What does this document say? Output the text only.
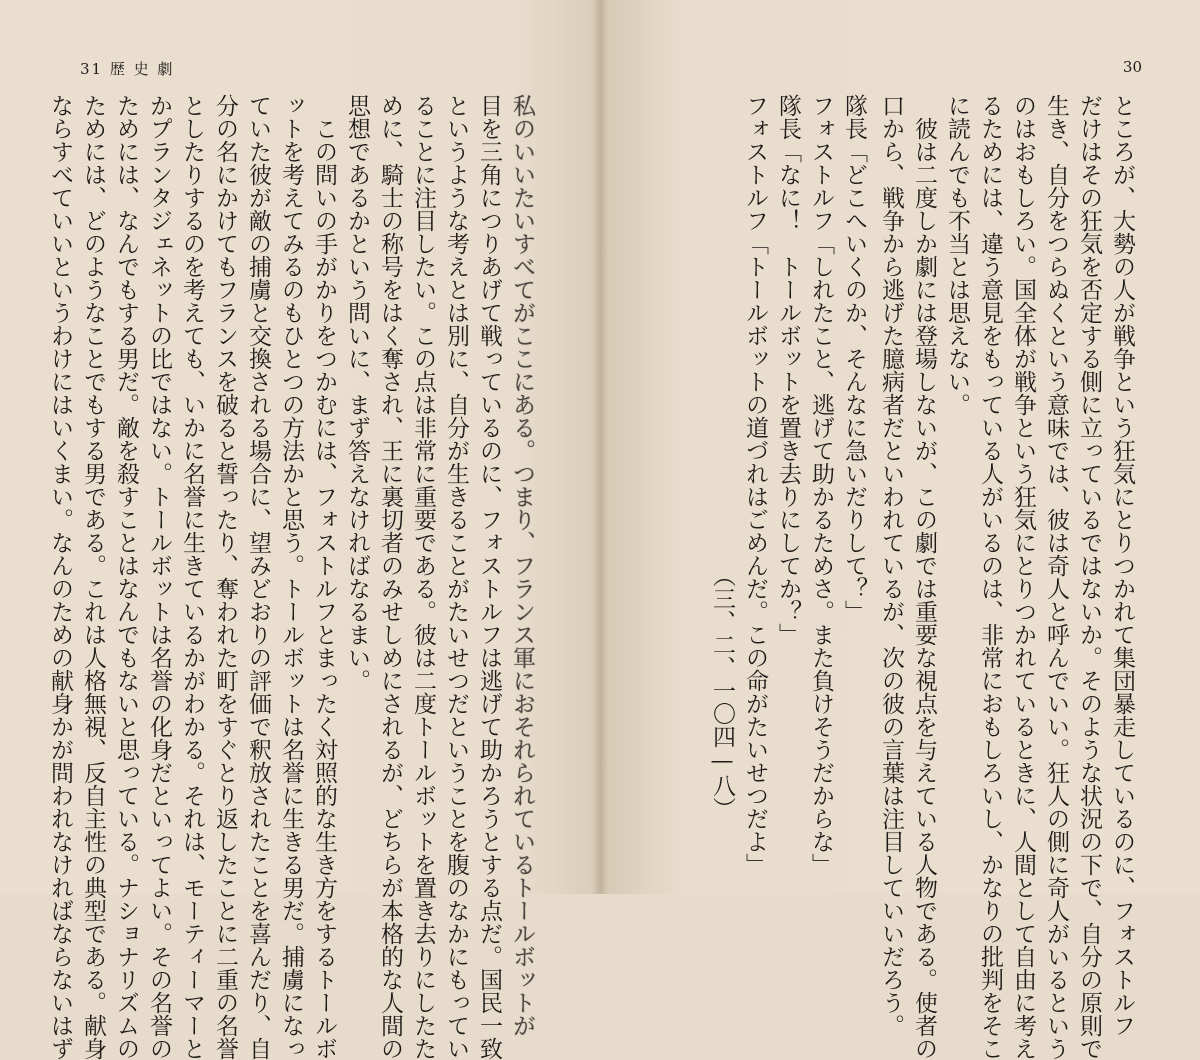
31 歴 史 劇
私のいいたいすべてがここにある。つまり、フランス軍におそれられているトールボットが
目を三角につりあげて戦っているのに、フォストルフは逃げて助かろうとする点だ。国民一致
というような考えとは別に、自分が生きることがたいせつだということを腹のなかにもってい
ることに注目したい。この点は非常に重要である。彼は二度トールボットを置き去りにしたた
めに、騎士の称号をはく奪され、王に裏切者のみせしめにされるが、どちらが本格的な人間の
思想であるかという問いに、まず答えなければなるまい。
　この問いの手がかりをつかむには、フォストルフとまったく対照的な生き方をするトールボ
ットを考えてみるのもひとつの方法かと思う。トールボットは名誉に生きる男だ。捕虜になっ
ていた彼が敵の捕虜と交換される場合に、望みどおりの評価で釈放されたことを喜んだり、自
分の名にかけてもフランスを破ると誓ったり、奪われた町をすぐとり返したことに二重の名誉
としたりするのを考えても、いかに名誉に生きているかがわかる。それは、モーティーマーと
かプランタジェネットの比ではない。トールボットは名誉の化身だといってよい。その名誉の
ためには、なんでもする男だ。敵を殺すことはなんでもないと思っている。ナショナリズムの
ためには、どのようなことでもする男である。これは人格無視、反自主性の典型である。献身
ならすべていいというわけにはいくまい。なんのための献身かが問われなければならないはず
30
ところが、大勢の人が戦争という狂気にとりつかれて集団暴走しているのに、フォストルフ
だけはその狂気を否定する側に立っているではないか。そのような状況の下で、自分の原則で
生き、自分をつらぬくという意味では、彼は奇人と呼んでいい。狂人の側に奇人がいるという
のはおもしろい。国全体が戦争という狂気にとりつかれているときに、人間として自由に考え
るためには、違う意見をもっている人がいるのは、非常におもしろいし、かなりの批判をそこ
に読んでも不当とは思えない。
　彼は二度しか劇には登場しないが、この劇では重要な視点を与えている人物である。使者の
口から、戦争から逃げた臆病者だといわれているが、次の彼の言葉は注目していいだろう。
隊長「どこへいくのか、そんなに急いだりして？」
フォストルフ「しれたこと、逃げて助かるためさ。また負けそうだからな」
隊長「なに！　トールボットを置き去りにしてか？」
フォストルフ「トールボットの道づれはごめんだ。この命がたいせつだよ」
（三、二、一〇四—八）
